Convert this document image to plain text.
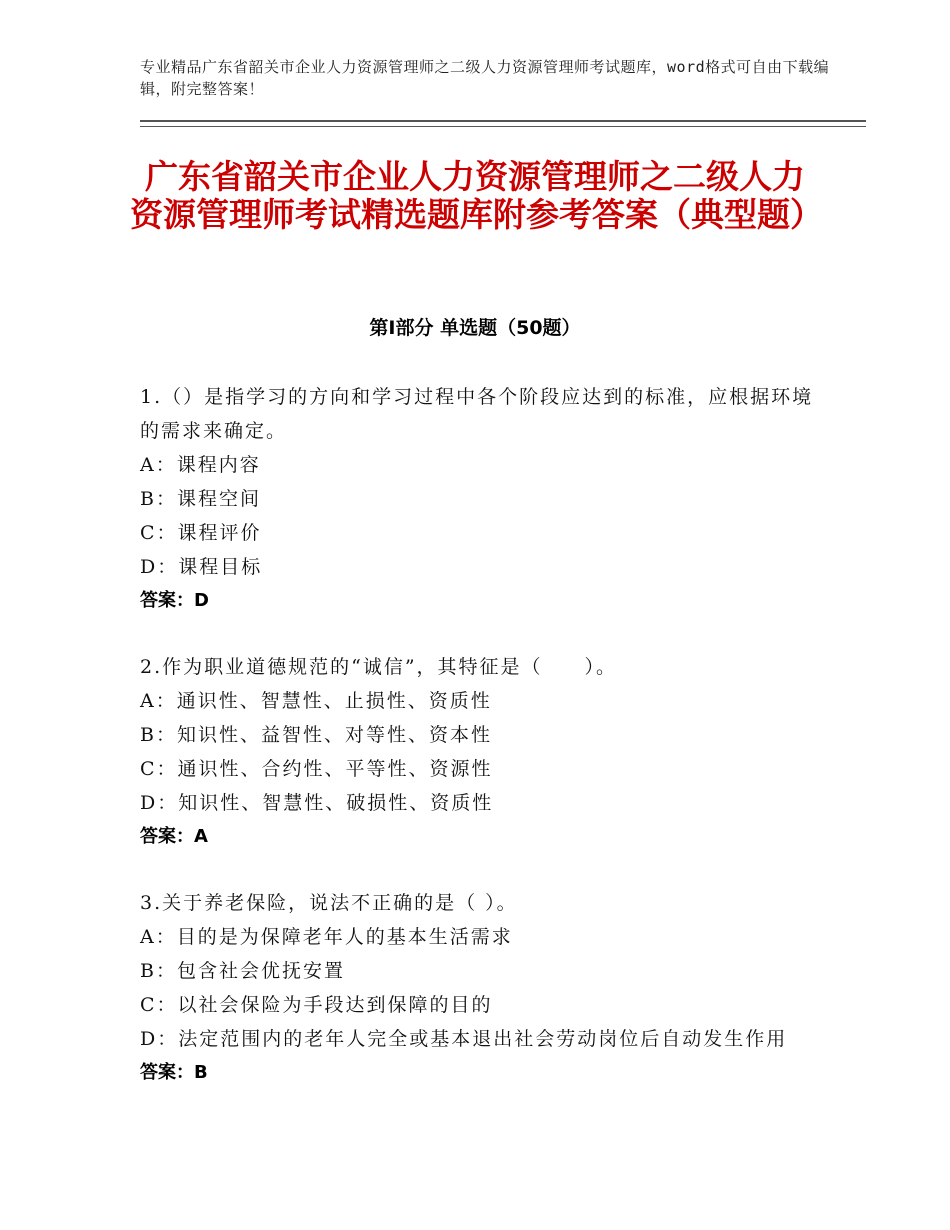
专业精品广东省韶关市企业人力资源管理师之二级人力资源管理师考试题库，word格式可自由下载编辑，附完整答案！
广东省韶关市企业人力资源管理师之二级人力资源管理师考试精选题库附参考答案（典型题）
第Ⅰ部分 单选题（50题）
1.（）是指学习的方向和学习过程中各个阶段应达到的标准，应根据环境的需求来确定。
A：课程内容
B：课程空间
C：课程评价
D：课程目标
答案：D
2.作为职业道德规范的“诚信”，其特征是（　　）。
A：通识性、智慧性、止损性、资质性
B：知识性、益智性、对等性、资本性
C：通识性、合约性、平等性、资源性
D：知识性、智慧性、破损性、资质性
答案：A
3.关于养老保险，说法不正确的是（ ）。
A：目的是为保障老年人的基本生活需求
B：包含社会优抚安置
C：以社会保险为手段达到保障的目的
D：法定范围内的老年人完全或基本退出社会劳动岗位后自动发生作用
答案：B
